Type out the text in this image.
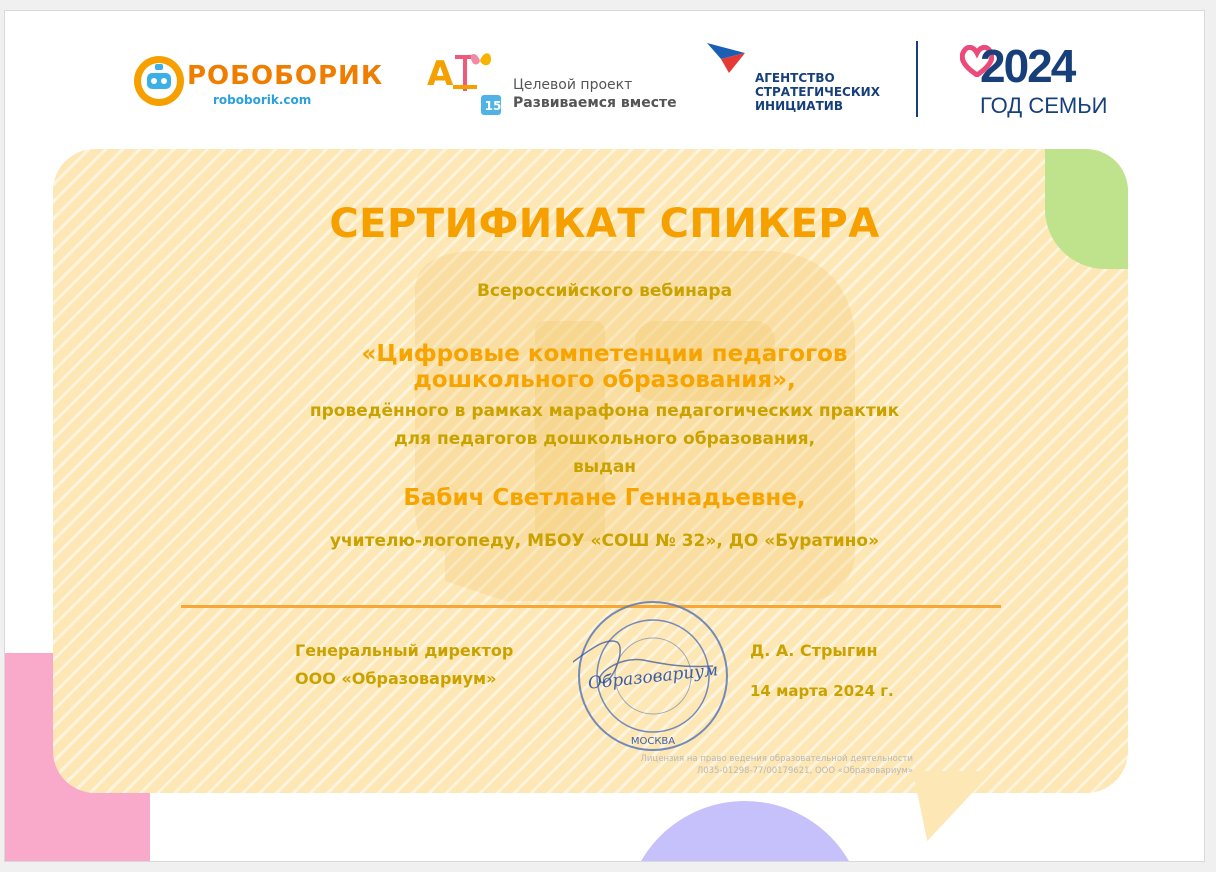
РОБОБОРИК
roboborik.com
А
15
Целевой проект
Развиваемся вместе
АГЕНТСТВО
СТРАТЕГИЧЕСКИХ
ИНИЦИАТИВ
2024
ГОД СЕМЬИ
СЕРТИФИКАТ СПИКЕРА
Всероссийского вебинара
«Цифровые компетенции педагогов
дошкольного образования»,
проведённого в рамках марафона педагогических практик
для педагогов дошкольного образования,
выдан
Бабич Светлане Геннадьевне,
учителю-логопеду, МБОУ «СОШ № 32», ДО «Буратино»
Генеральный директор
ООО «Образовариум»
Д. А. Стрыгин
14 марта 2024 г.
Образовариум
МОСКВА
Лицензия на право ведения образовательной деятельности
Л035-01298-77/00179621, ООО «Образовариум»
